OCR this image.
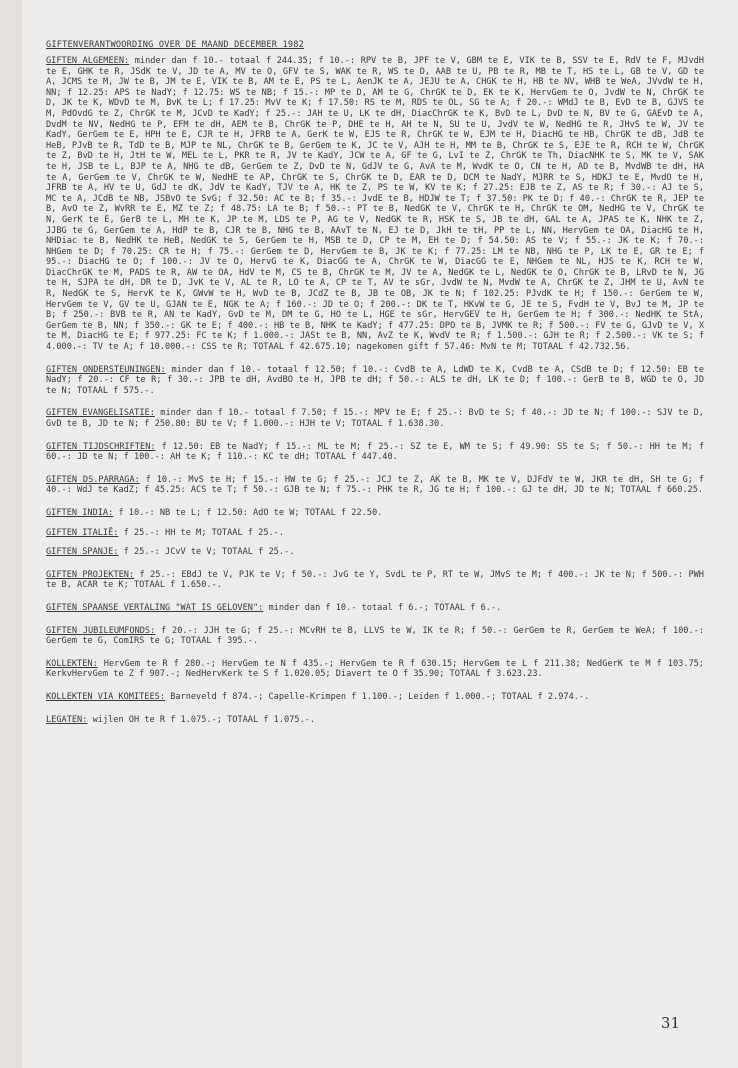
GIFTENVERANTWOORDING OVER DE MAAND DECEMBER 1982

GIFTEN ALGEMEEN: minder dan f 10.- totaal f 244.35; f 10.-: RPV te B, JPF te V, GBM te E, VIK te B, SSV te E, RdV te F, MJvdH te E, GHK te R, JSdK te V, JD te A, MV te O, GFV te S, WAK te R, WS te D, AAB te U, PB te R, MB te T, HS te L, GB te V, GD te A, JCMS te M, JW te B, JM te E, VIK te B, AM te E, PS te L, AenJK te A, JEJU te A, CHGK te H, HB te NV, WHB te WeA, JVvdW te H, NN; f 12.25: APS te NadY; f 12.75: WS te NB; f 15.-: MP te D, AM te G, ChrGK te D, EK te K, HervGem te O, JvdW te N, ChrGK te D, JK te K, WDvD te M, BvK te L; f 17.25: MvV te K; f 17.50: RS te M, RDS te OL, SG te A; f 20.-: WMdJ te B, EvD te B, GJVS te M, PdOvdG te Z, ChrGK te M, JCvD te KadY; f 25.-: JAH te U, LK te dH, DiacChrGK te K, BvD te L, DvD te N, BV te G, GAEvD te A, DvdM te NV, NedHG te P, EFM te dH, AEM te B, ChrGK te P, DHE te H, AH te N, SU te U, JvdV te W, NedHG te R, JHvS te W, JV te KadY, GerGem te E, HPH te E, CJR te H, JFRB te A, GerK te W, EJS te R, ChrGK te W, EJM te H, DiacHG te HB, ChrGK te dB, JdB te HeB, PJvB te R, TdD te B, MJP te NL, ChrGK te B, GerGem te K, JC te V, AJH te H, MM te B, ChrGK te S, EJE te R, RCH te W, ChrGK te Z, BvD te H, JtH te W, MEL te L, PKR te R, JV te KadY, JCW te A, GF te G, LvI te Z, ChrGK te Th, DiacNHK te S, MK te V, SAK te H, JSB te L, BJP te A, NHG te dB, GerGem te Z, DvD te N, GdJV te G, AvA te M, WvdK te O, CN te H, AD te B, MvdWB te dH, HA te A, GerGem te V, ChrGK te W, NedHE te AP, ChrGK te S, ChrGK te D, EAR te D, DCM te NadY, MJRR te S, HDKJ te E, MvdO te H, JFRB te A, HV te U, GdJ te dK, JdV te KadY, TJV te A, HK te Z, PS te W, KV te K; f 27.25: EJB te Z, AS te R; f 30.-: AJ te S, MC te A, JCdB te NB, JSBvO te SvG; f 32.50: AC te B; f 35.-: JvdE te B, HDJW te T; f 37.50: PK te D; f 40.-: ChrGK te R, JEP te B, AvO te Z, WvRR te E, MZ te Z; f 48.75: LA te B; f 50.-: PT te B, NedGK te V, ChrGK te H, ChrGK te OM, NedHG te V, ChrGK te N, GerK te E, GerB te L, MH te K, JP te M, LDS te P, AG te V, NedGK te R, HSK te S, JB te dH, GAL te A, JPAS te K, NHK te Z, JJBG te G, GerGem te A, HdP te B, CJR te B, NHG te B, AAvT te N, EJ te D, JkH te tH, PP te L, NN, HervGem te OA, DiacHG te H, NHDiac te B, NedHK te HeB, NedGK te S, GerGem te H, MSB te D, CP te M, EH te D; f 54.50: AS te V; f 55.-: JK te K; f 70.-: NHGem te D; f 70.25: CR te H; f 75.-: GerGem te D, HervGem te B, JK te K; f 77.25: LM te NB, NHG te P, LK te E, GR te E; f 95.-: DiacHG te O; f 100.-: JV te O, HervG te K, DiacGG te A, ChrGK te W, DiacGG te E, NHGem te NL, HJS te K, RCH te W, DiacChrGK te M, PADS te R, AW te OA, HdV te M, CS te B, ChrGK te M, JV te A, NedGK te L, NedGK te O, ChrGK te B, LRvD te N, JG te H, SJPA te dH, DR te D, JvK te V, AL te R, LO te A, CP te T, AV te sGr, JvdW te N, MvdW te A, ChrGK te Z, JHM te U, AvN te R, NedGK te S, HervK te K, GWvW te H, WvD te B, JCdZ te B, JB te OB, JK te N; f 102.25: PJvdK te H; f 150.-: GerGem te W, HervGem te V, GV te U, GJAN te E, NGK te A; f 160.-: JD te O; f 200.-: DK te T, HKvW te G, JE te S, FvdH te V, BvJ te M, JP te B; f 250.-: BVB te R, AN te KadY, GvD te M, DM te G, HO te L, HGE te sGr, HervGEV te H, GerGem te H; f 300.-: NedHK te StA, GerGem te B, NN; f 350.-: GK te E; f 400.-: HB te B, NHK te KadY; f 477.25: DPO te B, JVMK te R; f 500.-: FV te G, GJvD te V, X te M, DiacHG te E; f 977.25: FC te K; f 1.000.-: JASt te B, NN, AvZ te K, WvdV te R; f 1.500.-: GJH te R; f 2.500.-: VK te S; f 4.000.-: TV te A; f 10.000.-: CSS te R; TOTAAL f 42.675.10; nagekomen gift f 57.46: MvN te M; TOTAAL f 42.732.56.

GIFTEN ONDERSTEUNINGEN: minder dan f 10.- totaal f 12.50; f 10.-: CvdB te A, LdWD te K, CvdB te A, CSdB te D; f 12.50: EB te NadY; f 20.-: CF te R; f 30.-: JPB te dH, AvdBO te H, JPB te dH; f 50.-: ALS te dH, LK te D; f 100.-: GerB te B, WGD te O, JD te N; TOTAAL f 575.-.

GIFTEN EVANGELISATIE: minder dan f 10.- totaal f 7.50; f 15.-: MPV te E; f 25.-: BvD te S; f 40.-: JD te N; f 100.-: SJV te D, GvD te B, JD te N; f 250.80: BU te V; f 1.000.-: HJH te V; TOTAAL f 1.638.30.

GIFTEN TIJDSCHRIFTEN: f 12.50: EB te NadY; f 15.-: ML te M; f 25.-: SZ te E, WM te S; f 49.90: SS te S; f 50.-: HH te M; f 60.-: JD te N; f 100.-: AH te K; f 110.-: KC te dH; TOTAAL f 447.40.

GIFTEN DS.PARRAGA: f 10.-: MvS te H; f 15.-: HW te G; f 25.-: JCJ te Z, AK te B, MK te V, DJFdV te W, JKR te dH, SH te G; f 40.-: WdJ te KadZ; f 45.25: ACS te T; f 50.-: GJB te N; f 75.-: PHK te R, JG te H; f 100.-: GJ te dH, JD te N; TOTAAL f 660.25.

GIFTEN INDIA: f 10.-: NB te L; f 12.50: AdO te W; TOTAAL f 22.50.

GIFTEN ITALIË: f 25.-: HH te M; TOTAAL f 25.-.

GIFTEN SPANJE: f 25.-: JCvV te V; TOTAAL f 25.-.

GIFTEN PROJEKTEN: f 25.-: EBdJ te V, PJK te V; f 50.-: JvG te Y, SvdL te P, RT te W, JMvS te M; f 400.-: JK te N; f 500.-: PWH te B, ACAR te K; TOTAAL f 1.650.-.

GIFTEN SPAANSE VERTALING "WAT IS GELOVEN": minder dan f 10.- totaal f 6.-; TOTAAL f 6.-.

GIFTEN JUBILEUMFONDS: f 20.-: JJH te G; f 25.-: MCvRH te B, LLVS te W, IK te R; f 50.-: GerGem te R, GerGem te WeA; f 100.-: GerGem te G, ComIRS te G; TOTAAL f 395.-.

KOLLEKTEN: HervGem te R f 280.-; HervGem te N f 435.-; HervGem te R f 630.15; HervGem te L f 211.38; NedGerK te M f 103.75; KerkvHervGem te Z f 907.-; NedHervKerk te S f 1.020.05; Diavert te O f 35.90; TOTAAL f 3.623.23.

KOLLEKTEN VIA KOMITEES: Barneveld f 874.-; Capelle-Krimpen f 1.100.-; Leiden f 1.000.-; TOTAAL f 2.974.-.

LEGATEN: wijlen OH te R f 1.075.-; TOTAAL f 1.075.-.

31
